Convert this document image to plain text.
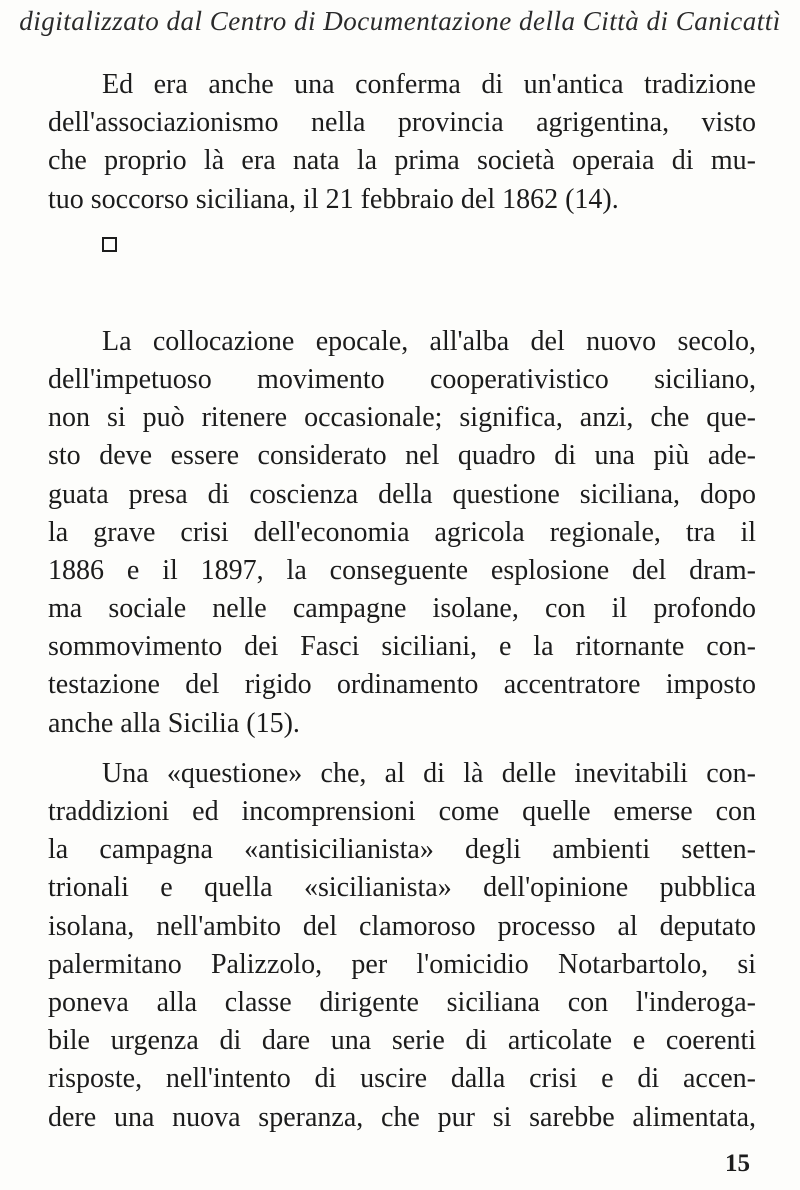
digitalizzato dal Centro di Documentazione della Città di Canicattì
Ed era anche una conferma di un'antica tradizione
dell'associazionismo nella provincia agrigentina, visto
che proprio là era nata la prima società operaia di mu-
tuo soccorso siciliana, il 21 febbraio del 1862 (14).
La collocazione epocale, all'alba del nuovo secolo,
dell'impetuoso movimento cooperativistico siciliano,
non si può ritenere occasionale; significa, anzi, che que-
sto deve essere considerato nel quadro di una più ade-
guata presa di coscienza della questione siciliana, dopo
la grave crisi dell'economia agricola regionale, tra il
1886 e il 1897, la conseguente esplosione del dram-
ma sociale nelle campagne isolane, con il profondo
sommovimento dei Fasci siciliani, e la ritornante con-
testazione del rigido ordinamento accentratore imposto
anche alla Sicilia (15).
Una «questione» che, al di là delle inevitabili con-
traddizioni ed incomprensioni come quelle emerse con
la campagna «antisicilianista» degli ambienti setten-
trionali e quella «sicilianista» dell'opinione pubblica
isolana, nell'ambito del clamoroso processo al deputato
palermitano Palizzolo, per l'omicidio Notarbartolo, si
poneva alla classe dirigente siciliana con l'inderoga-
bile urgenza di dare una serie di articolate e coerenti
risposte, nell'intento di uscire dalla crisi e di accen-
dere una nuova speranza, che pur si sarebbe alimentata,
15
